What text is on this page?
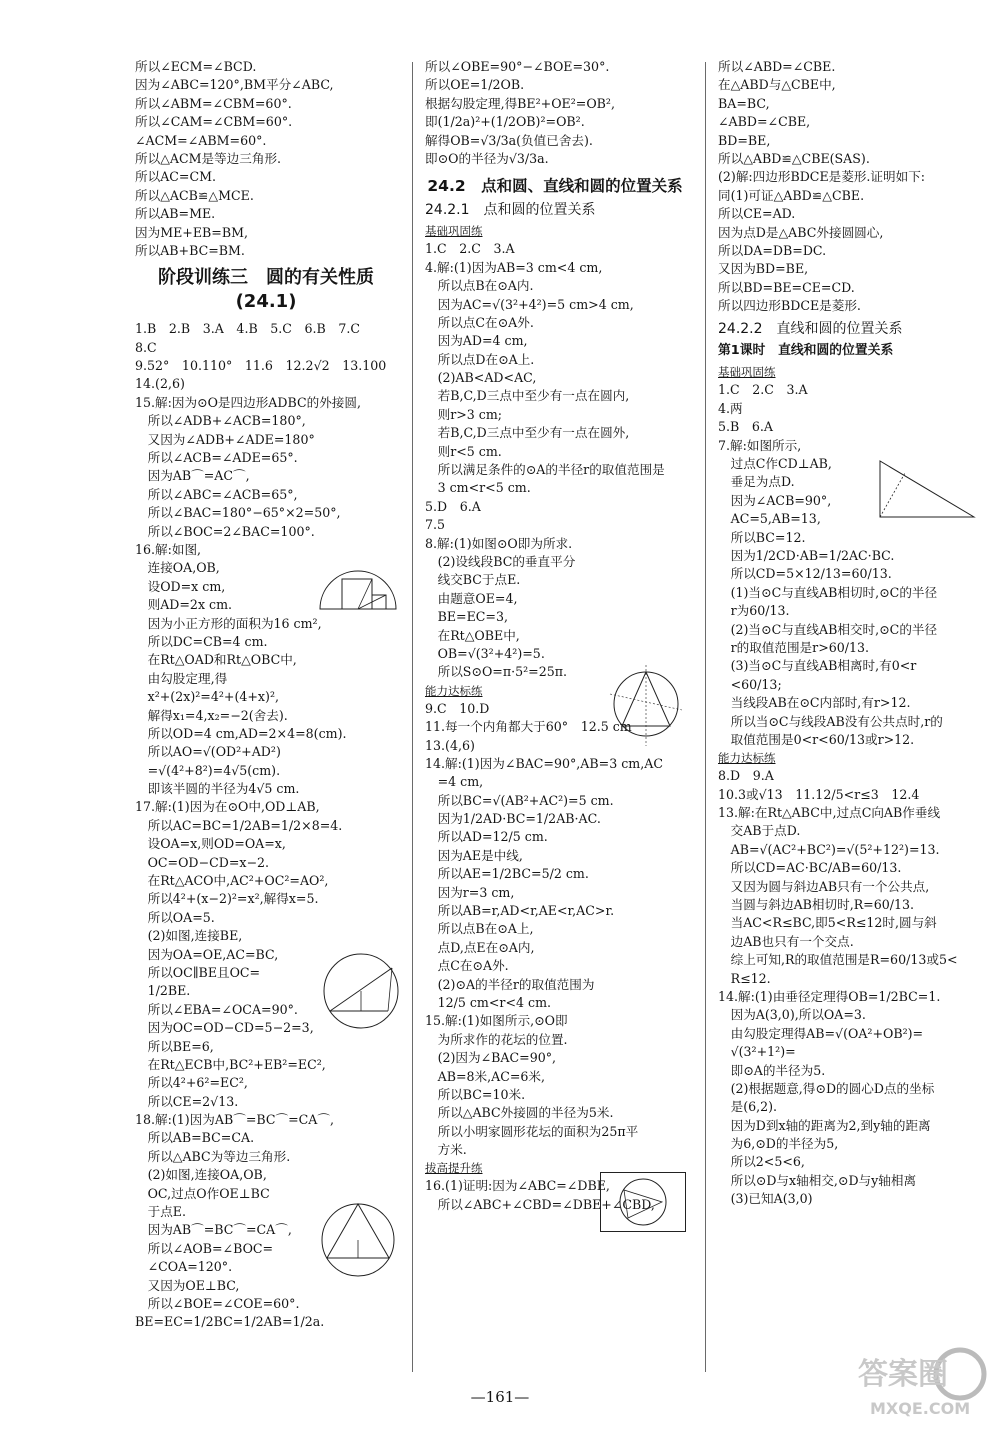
所以∠ECM=∠BCD.
因为∠ABC=120°,BM平分∠ABC,
所以∠ABM=∠CBM=60°.
所以∠CAM=∠CBM=60°.
∠ACM=∠ABM=60°.
所以△ACM是等边三角形.
所以AC=CM.
所以△ACB≌△MCE.
所以AB=ME.
因为ME+EB=BM,
所以AB+BC=BM.
阶段训练三　圆的有关性质(24.1)
1.B　2.B　3.A　4.B　5.C　6.B　7.C
8.C
9.52°　10.110°　11.6　12.2√2　13.100
14.(2,6)
15.解:因为⊙O是四边形ADBC的外接圆,
　所以∠ADB+∠ACB=180°,
　又因为∠ADB+∠ADE=180°
　所以∠ACB=∠ADE=65°.
　因为AB⌒=AC⌒,
　所以∠ABC=∠ACB=65°,
　所以∠BAC=180°−65°×2=50°,
　所以∠BOC=2∠BAC=100°.
16.解:如图,
　连接OA,OB,
　设OD=x cm,
　则AD=2x cm.
　因为小正方形的面积为16 cm²,
　所以DC=CB=4 cm.
　在Rt△OAD和Rt△OBC中,
　由勾股定理,得
　x²+(2x)²=4²+(4+x)²,
　解得x₁=4,x₂=−2(舍去).
　所以OD=4 cm,AD=2×4=8(cm).
　所以AO=√(OD²+AD²)
　=√(4²+8²)=4√5(cm).
　即该半圆的半径为4√5 cm.
17.解:(1)因为在⊙O中,OD⊥AB,
　所以AC=BC=1/2AB=1/2×8=4.
　设OA=x,则OD=OA=x,
　OC=OD−CD=x−2.
　在Rt△ACO中,AC²+OC²=AO²,
　所以4²+(x−2)²=x²,解得x=5.
　所以OA=5.
　(2)如图,连接BE,
　因为OA=OE,AC=BC,
　所以OC∥BE且OC=
　1/2BE.
　所以∠EBA=∠OCA=90°.
　因为OC=OD−CD=5−2=3,
　所以BE=6,
　在Rt△ECB中,BC²+EB²=EC²,
　所以4²+6²=EC²,
　所以CE=2√13.
18.解:(1)因为AB⌒=BC⌒=CA⌒,
　所以AB=BC=CA.
　所以△ABC为等边三角形.
　(2)如图,连接OA,OB,
　OC,过点O作OE⊥BC
　于点E.
　因为AB⌒=BC⌒=CA⌒,
　所以∠AOB=∠BOC=
　∠COA=120°.
　又因为OE⊥BC,
　所以∠BOE=∠COE=60°.
BE=EC=1/2BC=1/2AB=1/2a.
所以∠OBE=90°−∠BOE=30°.
所以OE=1/2OB.
根据勾股定理,得BE²+OE²=OB²,
即(1/2a)²+(1/2OB)²=OB².
解得OB=√3/3a(负值已舍去).
即⊙O的半径为√3/3a.
24.2　点和圆、直线和圆的位置关系
24.2.1　点和圆的位置关系
基础巩固练
1.C　2.C　3.A
4.解:(1)因为AB=3 cm<4 cm,
　所以点B在⊙A内.
　因为AC=√(3²+4²)=5 cm>4 cm,
　所以点C在⊙A外.
　因为AD=4 cm,
　所以点D在⊙A上.
　(2)AB<AD<AC,
　若B,C,D三点中至少有一点在圆内,
　则r>3 cm;
　若B,C,D三点中至少有一点在圆外,
　则r<5 cm.
　所以满足条件的⊙A的半径r的取值范围是
　3 cm<r<5 cm.
5.D　6.A
7.5
8.解:(1)如图⊙O即为所求.
　(2)设线段BC的垂直平分
　线交BC于点E.
　由题意OE=4,
　BE=EC=3,
　在Rt△OBE中,
　OB=√(3²+4²)=5.
　所以S⊙O=π·5²=25π.
能力达标练
9.C　10.D
11.每一个内角都大于60°　12.5 cm
13.(4,6)
14.解:(1)因为∠BAC=90°,AB=3 cm,AC
　=4 cm,
　所以BC=√(AB²+AC²)=5 cm.
　因为1/2AD·BC=1/2AB·AC.
　所以AD=12/5 cm.
　因为AE是中线,
　所以AE=1/2BC=5/2 cm.
　因为r=3 cm,
　所以AB=r,AD<r,AE<r,AC>r.
　所以点B在⊙A上,
　点D,点E在⊙A内,
　点C在⊙A外.
　(2)⊙A的半径r的取值范围为
　12/5 cm<r<4 cm.
15.解:(1)如图所示,⊙O即
　为所求作的花坛的位置.
　(2)因为∠BAC=90°,
　AB=8米,AC=6米,
　所以BC=10米.
　所以△ABC外接圆的半径为5米.
　所以小明家圆形花坛的面积为25π平
　方米.
拔高提升练
16.(1)证明:因为∠ABC=∠DBE,
　所以∠ABC+∠CBD=∠DBE+∠CBD,
所以∠ABD=∠CBE.
在△ABD与△CBE中,
BA=BC,
∠ABD=∠CBE,
BD=BE,
所以△ABD≌△CBE(SAS).
(2)解:四边形BDCE是菱形.证明如下:
同(1)可证△ABD≌△CBE.
所以CE=AD.
因为点D是△ABC外接圆圆心,
所以DA=DB=DC.
又因为BD=BE,
所以BD=BE=CE=CD.
所以四边形BDCE是菱形.
24.2.2　直线和圆的位置关系
第1课时　直线和圆的位置关系
基础巩固练
1.C　2.C　3.A
4.两
5.B　6.A
7.解:如图所示,
　过点C作CD⊥AB,
　垂足为点D.
　因为∠ACB=90°,
　AC=5,AB=13,
　所以BC=12.
　因为1/2CD·AB=1/2AC·BC.
　所以CD=5×12/13=60/13.
　(1)当⊙C与直线AB相切时,⊙C的半径
　r为60/13.
　(2)当⊙C与直线AB相交时,⊙C的半径
　r的取值范围是r>60/13.
　(3)当⊙C与直线AB相离时,有0<r
　<60/13;
　当线段AB在⊙C内部时,有r>12.
　所以当⊙C与线段AB没有公共点时,r的
　取值范围是0<r<60/13或r>12.
能力达标练
8.D　9.A
10.3或√13　11.12/5<r≤3　12.4
13.解:在Rt△ABC中,过点C向AB作垂线
　交AB于点D.
　AB=√(AC²+BC²)=√(5²+12²)=13.
　所以CD=AC·BC/AB=60/13.
　又因为圆与斜边AB只有一个公共点,
　当圆与斜边AB相切时,R=60/13.
　当AC<R≤BC,即5<R≤12时,圆与斜
　边AB也只有一个交点.
　综上可知,R的取值范围是R=60/13或5<
　R≤12.
14.解:(1)由垂径定理得OB=1/2BC=1.
　因为A(3,0),所以OA=3.
　由勾股定理得AB=√(OA²+OB²)=
　√(3²+1²)=
　即⊙A的半径为5.
　(2)根据题意,得⊙D的圆心D点的坐标
　是(6,2).
　因为D到x轴的距离为2,到y轴的距离
　为6,⊙D的半径为5,
　所以2<5<6,
　所以⊙D与x轴相交,⊙D与y轴相离
　(3)已知A(3,0)
—161—
答案圈
MXQE.COM
